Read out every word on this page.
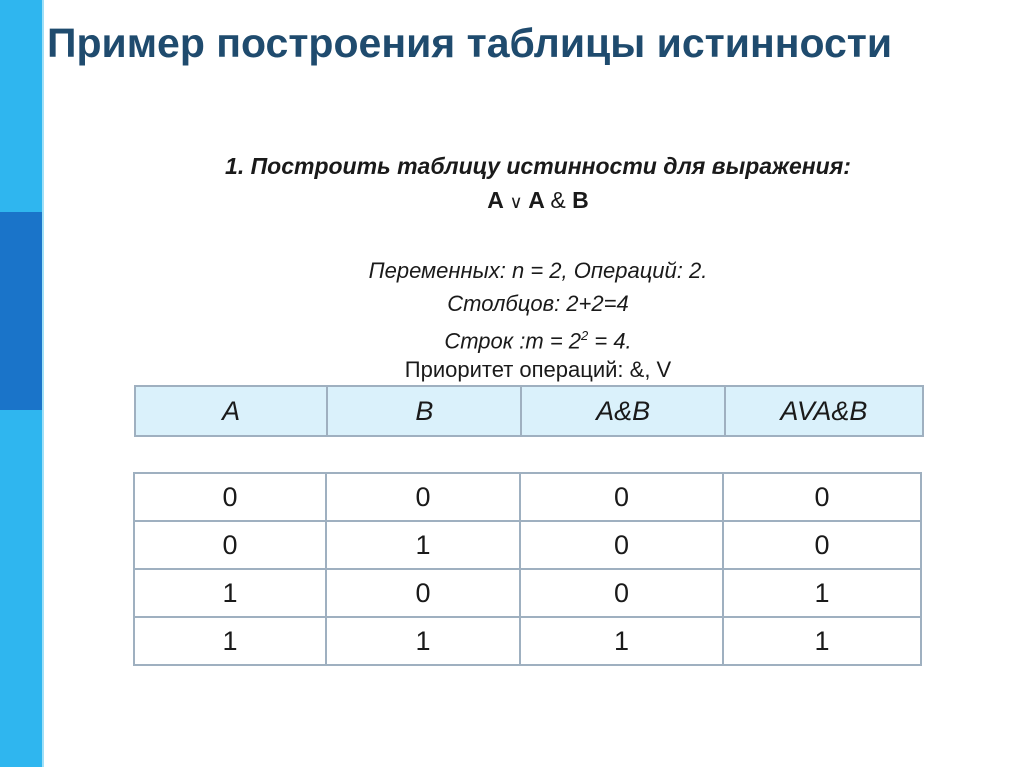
Пример построения таблицы истинности
1. Построить таблицу истинности для выражения:
A ∨ A & B
Переменных: n = 2, Операций: 2.
Столбцов: 2+2=4
Строк :m = $2^2 = 4$.
Приоритет операций: &, V
A	B	A&B	AVA&B
0	0	0	0
0	1	0	0
1	0	0	1
1	1	1	1
